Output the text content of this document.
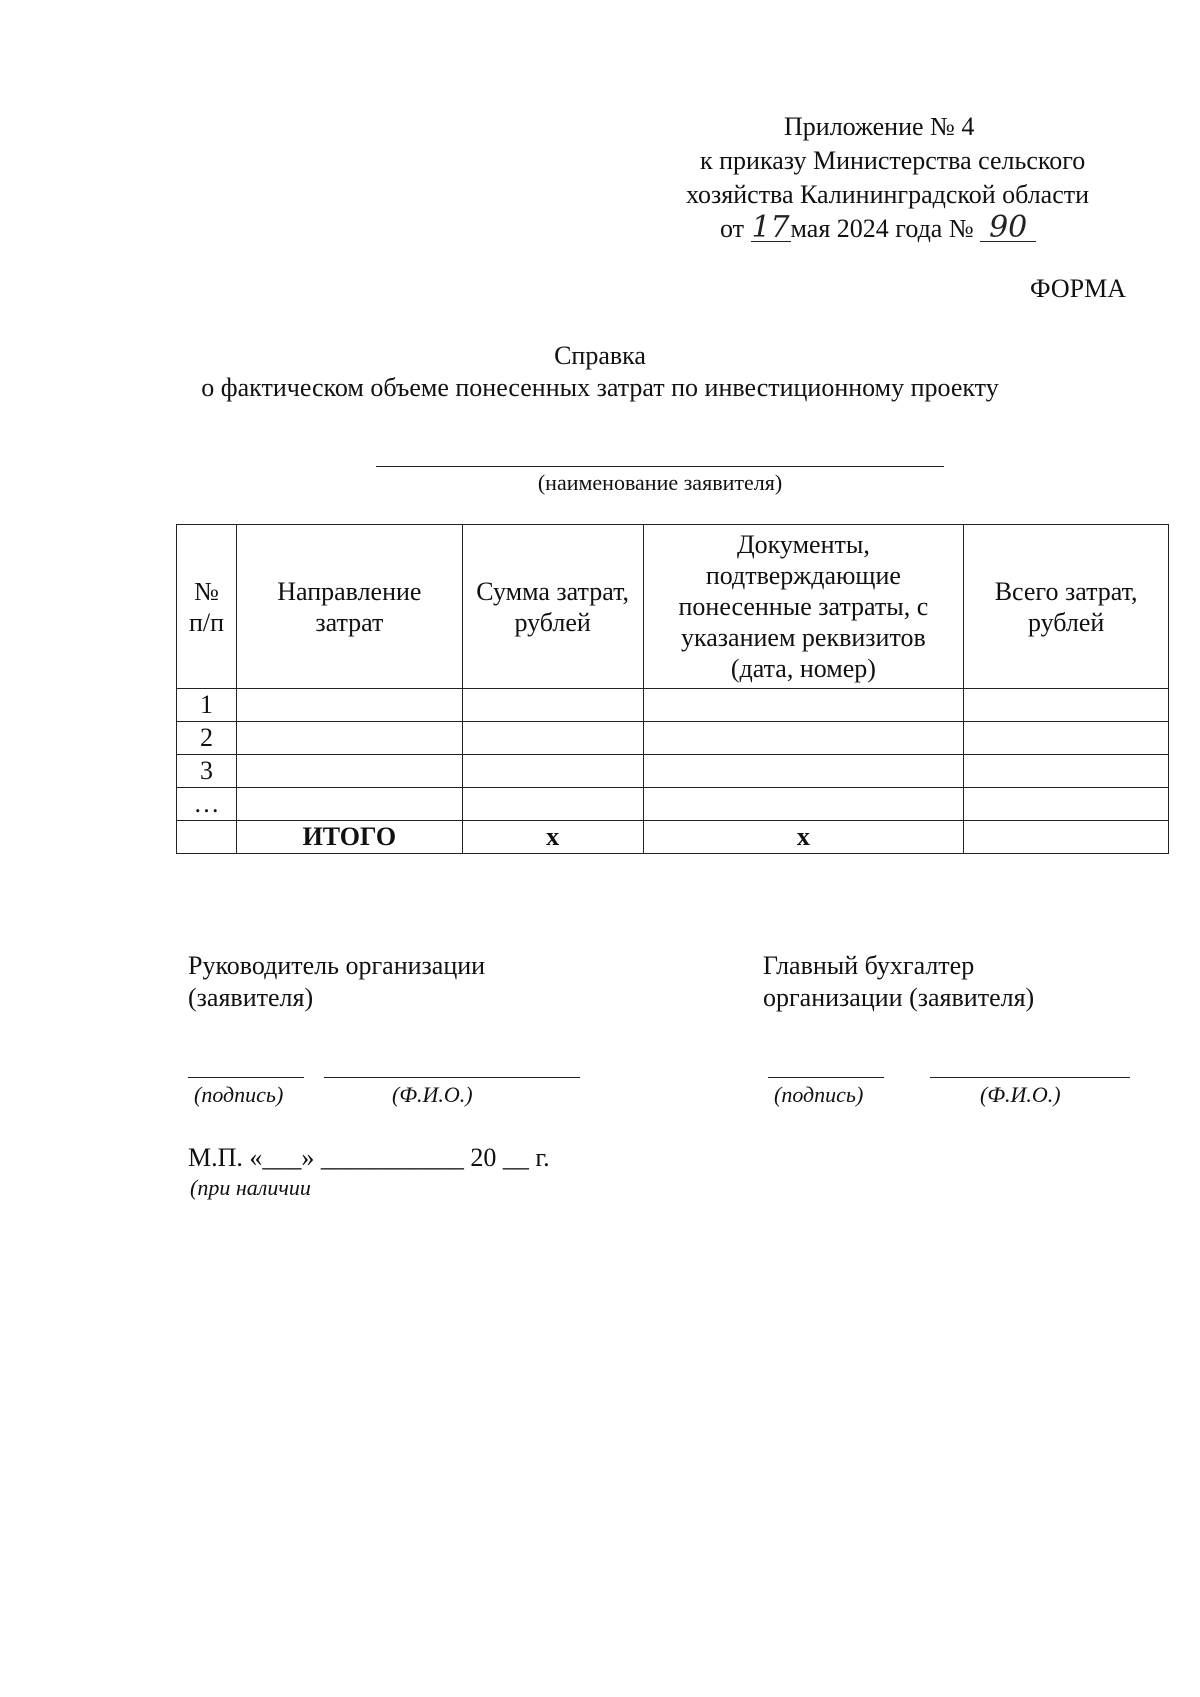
Приложение № 4
к приказу Министерства сельского
хозяйства Калининградской области
от 17мая 2024 года № 90
ФОРМА
Справка
о фактическом объеме понесенных затрат по инвестиционному проекту
(наименование заявителя)
№ п/п	Направление затрат	Сумма затрат, рублей	Документы, подтверждающие понесенные затраты, с указанием реквизитов (дата, номер)	Всего затрат, рублей
1				
2				
3				
…				
	ИТОГО	х	х	
Руководитель организации
(заявителя)
Главный бухгалтер
организации (заявителя)
(подпись)	(Ф.И.О.)	(подпись)	(Ф.И.О.)
М.П. «___» ___________ 20 __ г.
(при наличии
